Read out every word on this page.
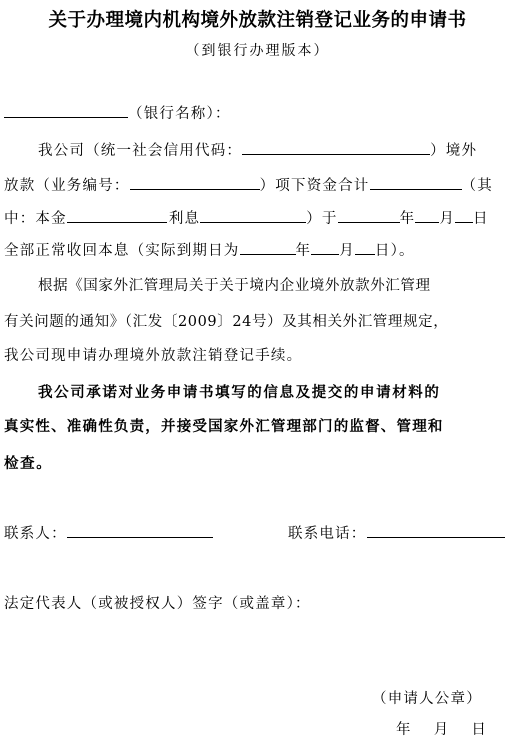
关于办理境内机构境外放款注销登记业务的申请书
（到银行办理版本）
（银行名称）：
我公司（统一社会信用代码：	）境外
放款（业务编号：	）项下资金合计	（其
中：本金	利息	）于	年 月 日
全部正常收回本息（实际到期日为	年 月 日）。
根据《国家外汇管理局关于关于境内企业境外放款外汇管理
有关问题的通知》（汇发〔2009〕24号）及其相关外汇管理规定，
我公司现申请办理境外放款注销登记手续。
我公司承诺对业务申请书填写的信息及提交的申请材料的
真实性、准确性负责，并接受国家外汇管理部门的监督、管理和
检查。
联系人：	联系电话：
法定代表人（或被授权人）签字（或盖章）：
（申请人公章）
年 月 日
